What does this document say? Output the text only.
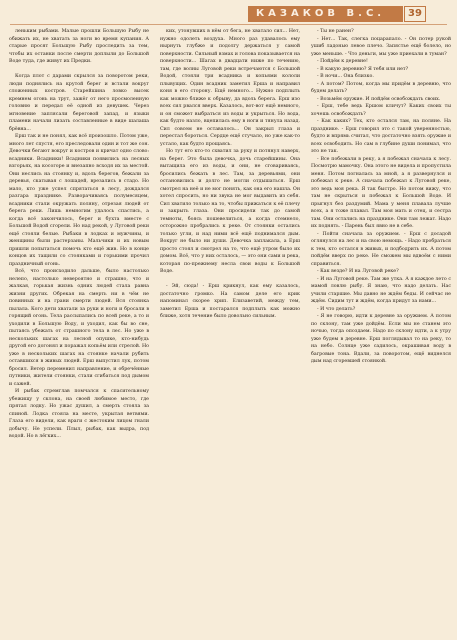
КАЗАКОВ В.С.	39

леньким рыбами. Малые прошли Большую Рыбу не обижать их, не хватать за ноги во время купания. А старые просят Большую Рыбу проследить за тем, чтобы их останки после смерти доплыли до Большой Воде туда, где живут их Предки.

Когда плот с дарами скрылся за поворотом реки, люди поднялись на крутой берег и встали вокруг сложенных костров. Старейшина ловко высек кремнем огонь на трут, зажёг от него просмоленную головню и передал её одной из девушек. Через мгновение заплясали береговой запад, и языки пламени начали лизать составленные в виде шалаша брёвна...

Ерш так и не понял, как всё произошло. Потом уже, много лет спустя, его преследовали один и тот же сон. Девочки бегают вокруг и костров и кричат одно слово: всадники. Всадники! Всадники появились на лесных взгорьях, на косогоре и внезапно всходя их за местой. Они неслись на стоянку и, вдоль берегов, бежали за деревья, скатывая с лошадей, врезались в стадо. Но мало, кто уже успел спрятаться в лесу, дождался разгара празднике. Разворачиваясь полумесяцем, всадники стали окружать поляну, отрезая людей от берега реки. Лишь немногим удалось спастись, а когда всё закончилось, берег и бухта вместе с Большой Водой сгорели. Но над рекой, у Луговой реки ещё стояли белые. Рыбаки в лодках и мужчины, и женщины были растерзаны. Мальчики и их новым пришли попытаться помочь кто ещё жив. Но в конце концов их тащили со стоянками и горькими прочил праздничный огонь.

Всё, что происходило дальше, было настолько нелепо, настолько невероятно и страшно, что и жалкая, горькая жизнь одних людей стала равна жизни других. Обрекая на смерть ни в чём не повинных и на грани смерти людей. Вся стоянка пылала. Кого дети хватали за руки и ноги и бросали в горящий огонь. Тела рассыпались по всей реке, а то и уходили в Большую Воду, и уходил, как бы во сне, пытаясь убежать от страшного тела в лес. Но уже в нескольких шагах на лесной опушке, кто-нибудь другой его догонял и поражал копьём или стрелой. Но уже в нескольких шагах на стоянке начали рубить оставшихся в живых людей. Ерш выпустил лук, потом бросил. Ветер переменил направление, и обречённые путники, жители стоянки, стали сгибаться под дымом и сажей.

И рыбак стремглав помчался к спасительному убежищу у склона, на своей любимое место, где прятал лодку. Но ужас душил, а смерть стояла за спиной. Лодка стояла на месте, укрытая ветвями. Глаза его видели, как враги с жестоким лицом гнали добычу. Не успели. Плыл, рыбак, как выдра, под водой. Но в лёгких...

ких, утонувших в нём от бега, не хватало сил... Нет, нужно одолеть воздуха. Много раз удавалось ему нырнуть глубже и подолгу держаться у самой поверхности. Сильный взмах и голова показывается на поверхности... Шагах в двадцати ниже по течению, там, где волны Луговой реки встречаются с Большой Водой, стояли три всадника и копьями кололи плывущих. Один всадник заметил Ерша и направил коня в его сторону. Ещё немного... Нужно подплыть как можно ближе к обрыву, да вдоль берега. Ерш изо всех сил рвался вверх. Казалось, вот-вот ещё немного, и он сможет выбраться из воды и укрыться. Но вода, как будто назло, вцепилась ему в ноги и тянула назад. Сил совсем не оставалось... Он закрыл глаза и перестал бороться. Сердце ещё стучало, но уже как-то устало, как будто прощаясь.

Но тут его кто-то схватил за руку и потянул наверх, на берег. Это была девочка, дочь старейшины. Она вытащила его из воды, и они, не сговариваясь, бросились бежать в лес. Там, за деревьями, они остановились и долго не могли отдышаться. Ерш смотрел на неё и не мог понять, как она его нашла. Он хотел спросить, но ни звука не мог выдавить из себя. Сил хватило только на то, чтобы прижаться к её плечу и закрыть глаза. Они просидели так до самой темноты, боясь пошевелиться, а когда стемнело, осторожно пробрались к реке. От стоянки остались только угли, и над ними всё ещё поднимался дым. Вокруг не было ни души. Девочка заплакала, а Ерш просто стоял и смотрел на то, что ещё утром было их домом. Всё, что у них осталось, — это они сами и река, которая по-прежнему несла свои воды к Большой Воде.

- Эй, сюда! - Ерш крикнул, как ему казалось, достаточно громко. На самом деле его крик напоминал скорее хрип. Елизаветий, между тем, заметил Ерша и постарался подплыть как можно ближе, хотя течение было довольно сильным.

- Ты не ранен?

- Нет... Так, слегка поцарапало. - Он потер рукой ушиб ладонью левое плечо. Запястье ещё болело, но уже меньше. - Что деньги, мы уже приехали в туман?

- Пойдём к деревне!

- В какую деревню? Я тебя или нет?

- В ночи... Она близко.

- А потом? Потом, когда мы придём в деревню, что будем делать?

- Возьмём оружие. И пойдём освобождать своих.

- Ерш, тебе ведь Ершом кличут? Каких своих ты хочешь освобождать?

- Как каких? Тех, кто остался там, на поляне. На празднике. - Ерш говорил это с такой уверенностью, будто и впрямь считал, что достаточно взять оружие и всех освободить. Но сам в глубине души понимал, что это не так.

- Все побежали в реку, а я побежал сначала к лесу. Посмотрю мамочку. Она этого не видела и пропустила меня. Потом погналась за мной, а я развернулся и побежал к реке. А сначала побежал к Луговой реке, это ведь моя река. Я так быстро. Но потом вижу, что там не скрыться и побежал к Большой Воде. И прыгнул без раздумий. Мама у меня плавала лучше всех, а я тоже плавал. Там моя мать и отец, и сестра там. Они остались на празднике. Они там лежат. Надо их поднять. - Парень был явно не в себе.

- Пойти сначала за оружием. - Ерш с досадой оглянулся на лес и на свою немощь. - Надо пробраться к тем, кто остался в живых, и подбодрить их. А потом пойдём вверх по реке. Не сможем мы вдвоём с ними справиться.

- Как везде? И на Луговой реке?

- И на Луговой реке. Там же утка. А я каждое лето с мамой ловлю рыбу. Я знаю, что надо делать. Нас учили старшие. Мы давно не ждём беды. И сейчас не ждём. Сидим тут и ждём, когда придут за нами...

- И что делать?

- Я не говорю, идти к деревне за оружием. А потом по склону, там уже дойдём. Если мы не станем это ночью, тогда опоздаем. Надо по склону идти, а к утру уже будем в деревне. Ерш поглядывал то на реку, то на небо. Солнце уже садилось, окрашивая воду в багровые тона. Вдали, за поворотом, ещё виднелся дым над сгоревшей стоянкой.
